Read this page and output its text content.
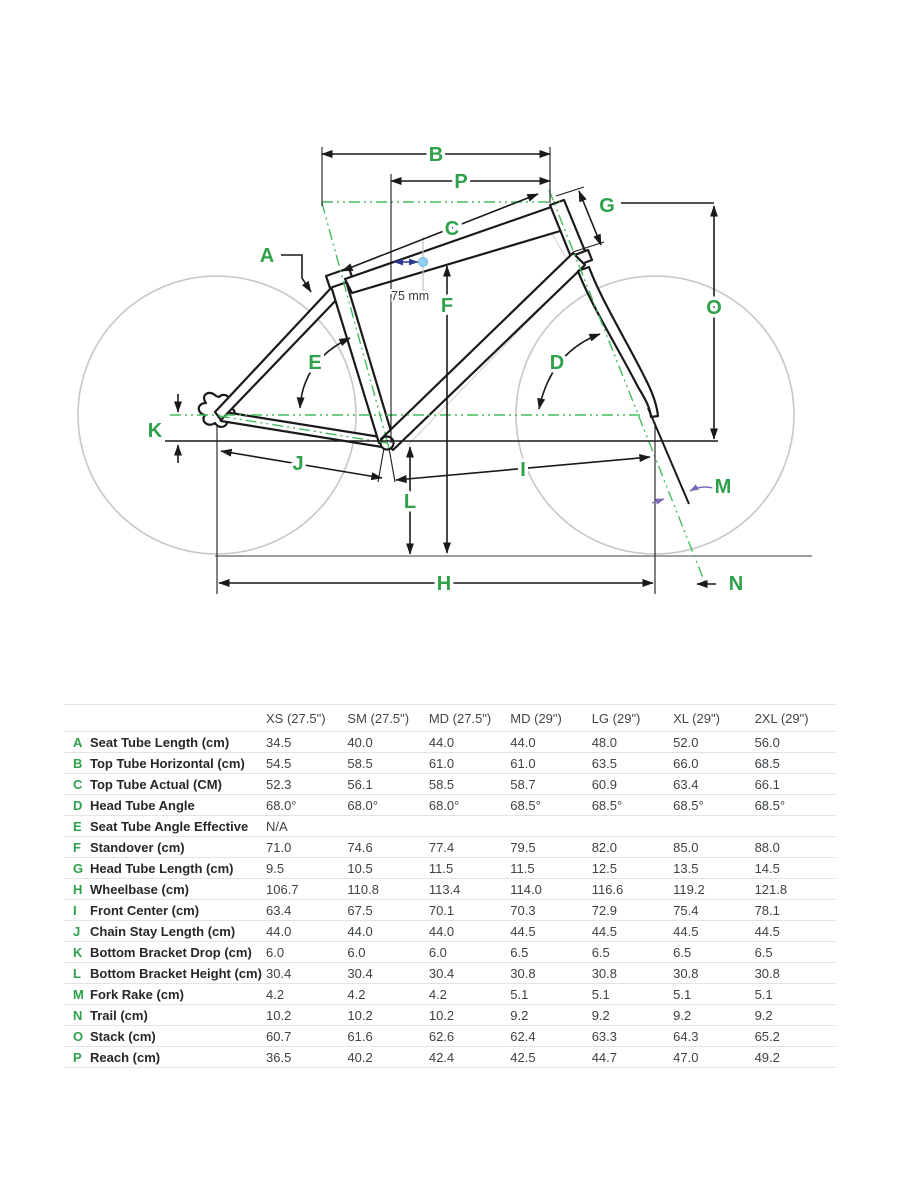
75 mm
A
B
C
D
E
F
G
H
I
J
K
L
M
N
O
P
XS (27.5")	SM (27.5")	MD (27.5")	MD (29")	LG (29")	XL (29")	2XL (29")
A Seat Tube Length (cm)	34.5	40.0	44.0	44.0	48.0	52.0	56.0
B Top Tube Horizontal (cm)	54.5	58.5	61.0	61.0	63.5	66.0	68.5
C Top Tube Actual (CM)	52.3	56.1	58.5	58.7	60.9	63.4	66.1
D Head Tube Angle	68.0°	68.0°	68.0°	68.5°	68.5°	68.5°	68.5°
E Seat Tube Angle Effective	N/A
F Standover (cm)	71.0	74.6	77.4	79.5	82.0	85.0	88.0
G Head Tube Length (cm)	9.5	10.5	11.5	11.5	12.5	13.5	14.5
H Wheelbase (cm)	106.7	110.8	113.4	114.0	116.6	119.2	121.8
I	Front Center (cm)	63.4	67.5	70.1	70.3	72.9	75.4	78.1
J Chain Stay Length (cm)	44.0	44.0	44.0	44.5	44.5	44.5	44.5
K Bottom Bracket Drop (cm)	6.0	6.0	6.0	6.5	6.5	6.5	6.5
L Bottom Bracket Height (cm) 30.4	30.4	30.4	30.8	30.8	30.8	30.8
M Fork Rake (cm)	4.2	4.2	4.2	5.1	5.1	5.1	5.1
N Trail (cm)	10.2	10.2	10.2	9.2	9.2	9.2	9.2
O Stack (cm)	60.7	61.6	62.6	62.4	63.3	64.3	65.2
P Reach (cm)	36.5	40.2	42.4	42.5	44.7	47.0	49.2
